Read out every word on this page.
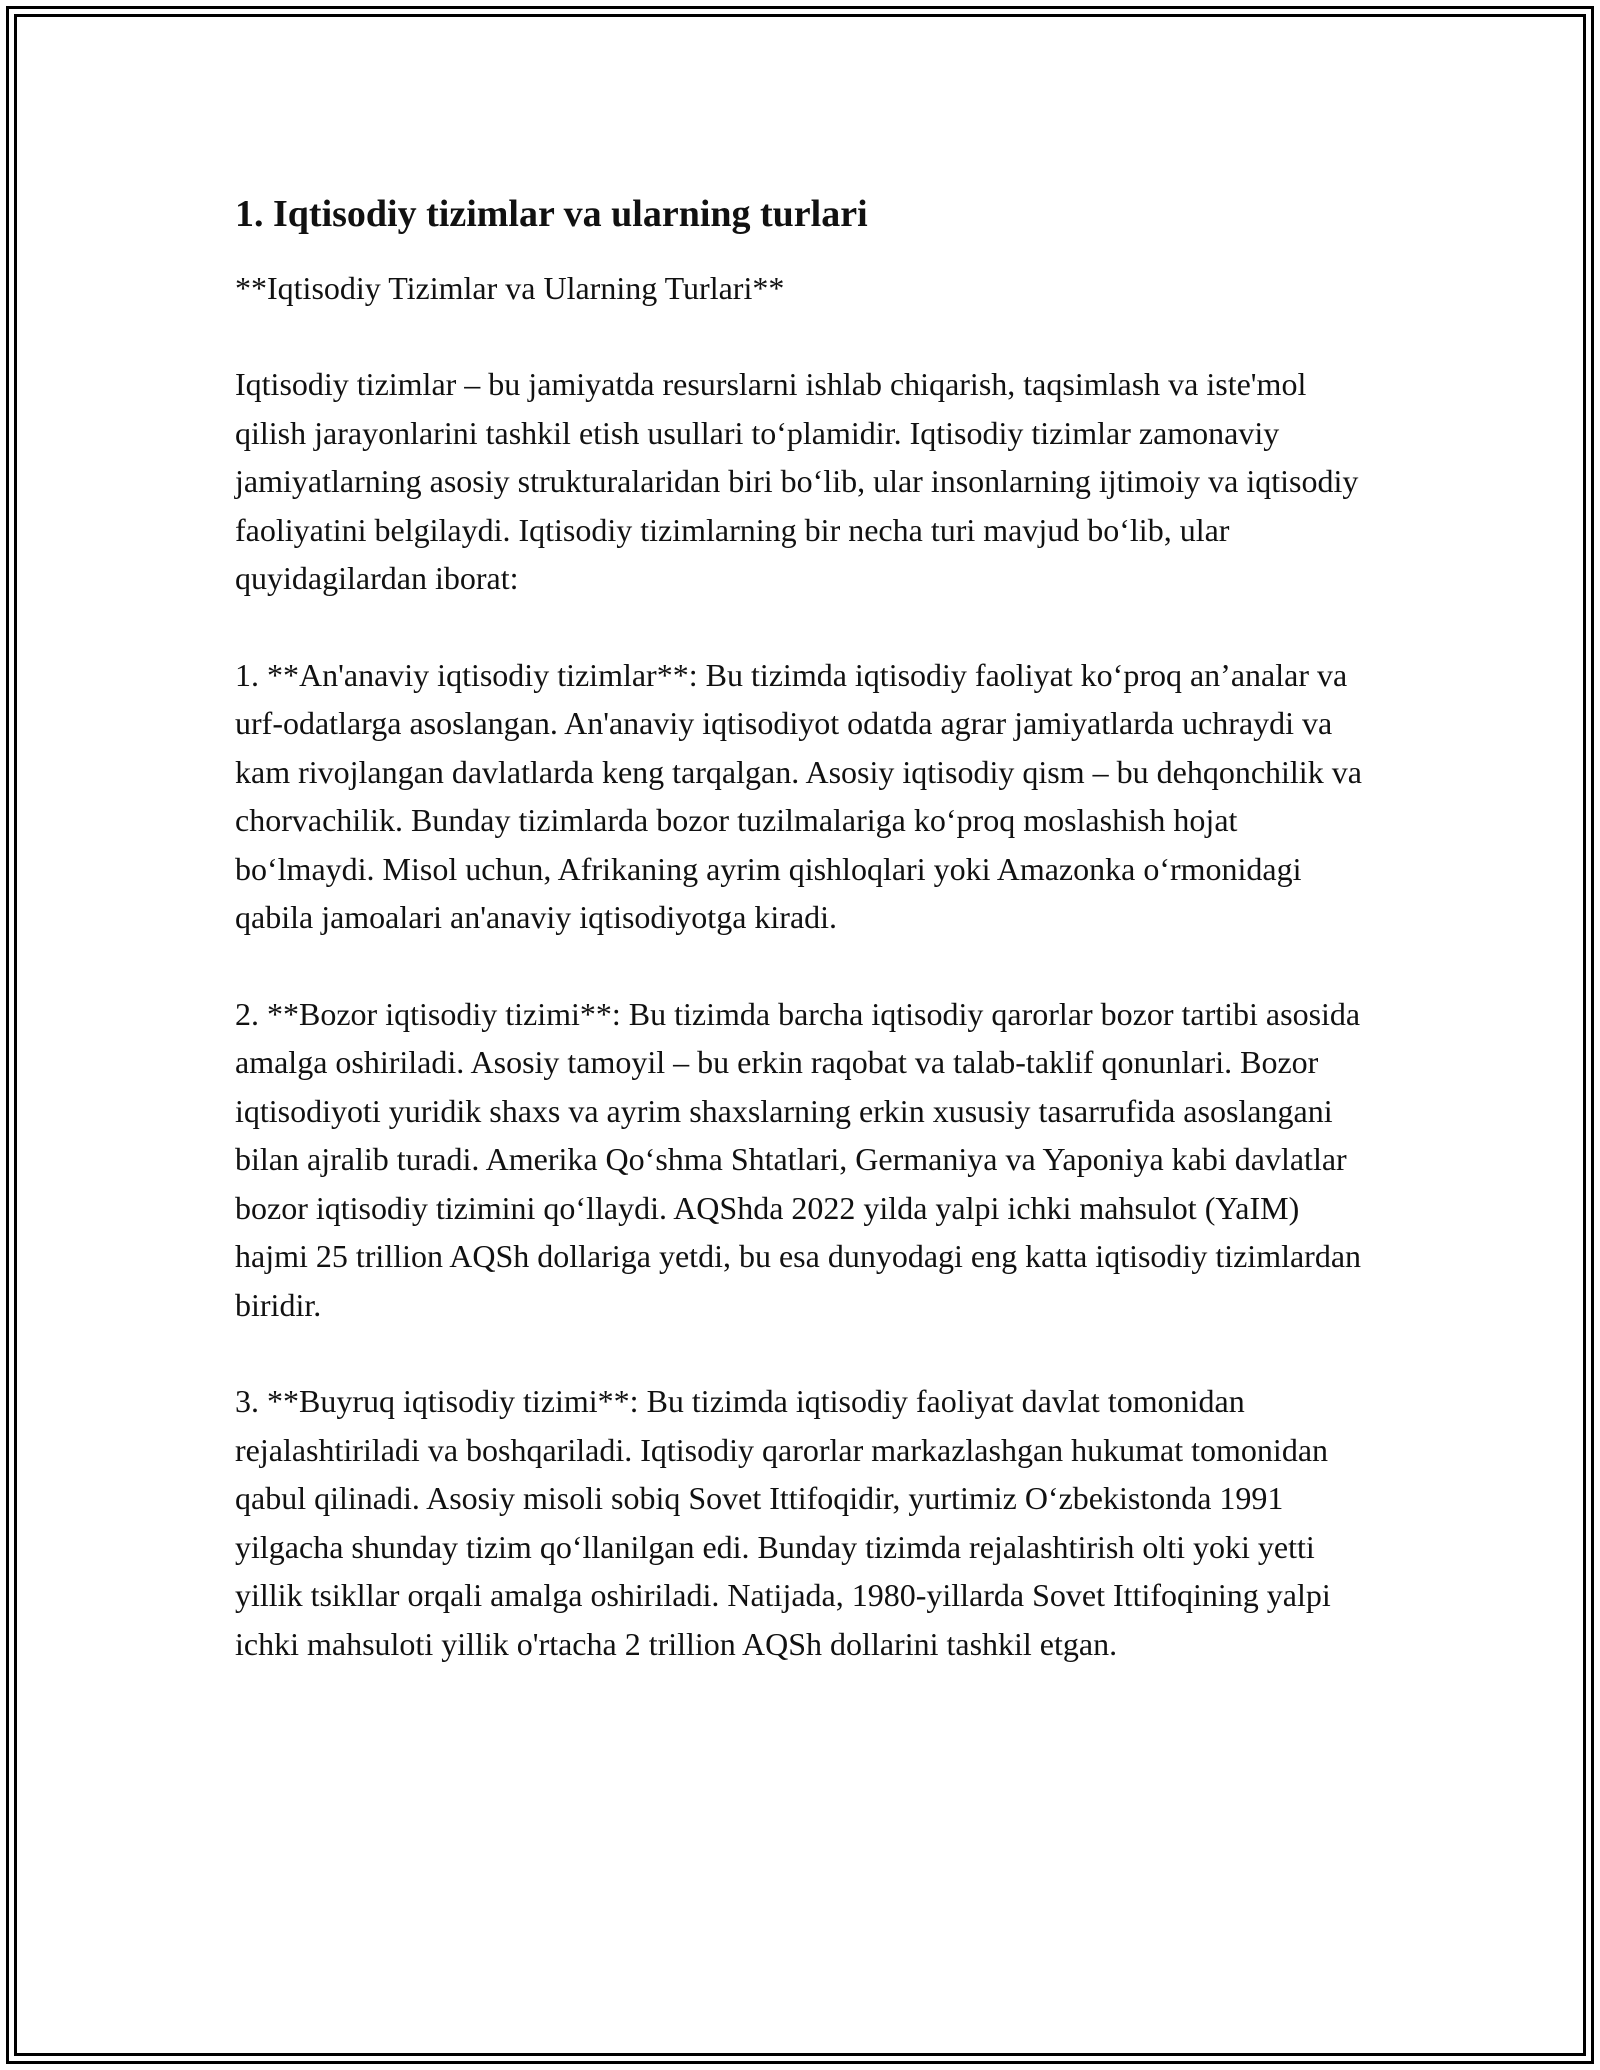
1. Iqtisodiy tizimlar va ularning turlari

**Iqtisodiy Tizimlar va Ularning Turlari**

Iqtisodiy tizimlar – bu jamiyatda resurslarni ishlab chiqarish, taqsimlash va iste'mol qilish jarayonlarini tashkil etish usullari to‘plamidir. Iqtisodiy tizimlar zamonaviy jamiyatlarning asosiy strukturalaridan biri bo‘lib, ular insonlarning ijtimoiy va iqtisodiy faoliyatini belgilaydi. Iqtisodiy tizimlarning bir necha turi mavjud bo‘lib, ular quyidagilardan iborat:

1. **An'anaviy iqtisodiy tizimlar**: Bu tizimda iqtisodiy faoliyat ko‘proq an’analar va urf-odatlarga asoslangan. An'anaviy iqtisodiyot odatda agrar jamiyatlarda uchraydi va kam rivojlangan davlatlarda keng tarqalgan. Asosiy iqtisodiy qism – bu dehqonchilik va chorvachilik. Bunday tizimlarda bozor tuzilmalariga ko‘proq moslashish hojat bo‘lmaydi. Misol uchun, Afrikaning ayrim qishloqlari yoki Amazonka o‘rmonidagi qabila jamoalari an'anaviy iqtisodiyotga kiradi.

2. **Bozor iqtisodiy tizimi**: Bu tizimda barcha iqtisodiy qarorlar bozor tartibi asosida amalga oshiriladi. Asosiy tamoyil – bu erkin raqobat va talab-taklif qonunlari. Bozor iqtisodiyoti yuridik shaxs va ayrim shaxslarning erkin xususiy tasarrufida asoslangani bilan ajralib turadi. Amerika Qo‘shma Shtatlari, Germaniya va Yaponiya kabi davlatlar bozor iqtisodiy tizimini qo‘llaydi. AQShda 2022 yilda yalpi ichki mahsulot (YaIM) hajmi 25 trillion AQSh dollariga yetdi, bu esa dunyodagi eng katta iqtisodiy tizimlardan biridir.

3. **Buyruq iqtisodiy tizimi**: Bu tizimda iqtisodiy faoliyat davlat tomonidan rejalashtiriladi va boshqariladi. Iqtisodiy qarorlar markazlashgan hukumat tomonidan qabul qilinadi. Asosiy misoli sobiq Sovet Ittifoqidir, yurtimiz O‘zbekistonda 1991 yilgacha shunday tizim qo‘llanilgan edi. Bunday tizimda rejalashtirish olti yoki yetti yillik tsikllar orqali amalga oshiriladi. Natijada, 1980-yillarda Sovet Ittifoqining yalpi ichki mahsuloti yillik o'rtacha 2 trillion AQSh dollarini tashkil etgan.
